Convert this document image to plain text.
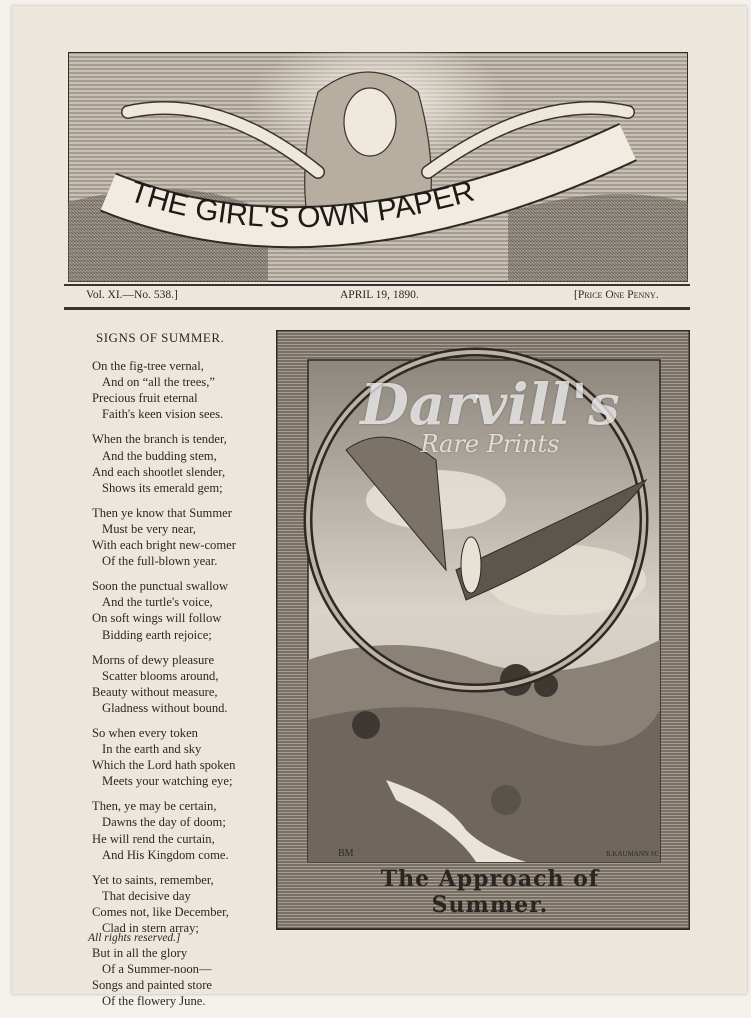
THE GIRL'S OWN PAPER
Vol. XI.—No. 538.]	APRIL 19, 1890.	[Price One Penny.
SIGNS OF SUMMER.
On the fig-tree vernal,
And on “all the trees,”
Precious fruit eternal
Faith's keen vision sees.
When the branch is tender,
And the budding stem,
And each shootlet slender,
Shows its emerald gem;
Then ye know that Summer
Must be very near,
With each bright new-comer
Of the full-blown year.
Soon the punctual swallow
And the turtle's voice,
On soft wings will follow
Bidding earth rejoice;
Morns of dewy pleasure
Scatter blooms around,
Beauty without measure,
Gladness without bound.
So when every token
In the earth and sky
Which the Lord hath spoken
Meets your watching eye;
Then, ye may be certain,
Dawns the day of doom;
He will rend the curtain,
And His Kingdom come.
Yet to saints, remember,
That decisive day
Comes not, like December,
Clad in stern array;
But in all the glory
Of a Summer-noon—
Songs and painted store
Of the flowery June.
All rights reserved.]
BM	R.KAUMANN SC
The Approach of Summer.
Darvill's
Rare Prints
